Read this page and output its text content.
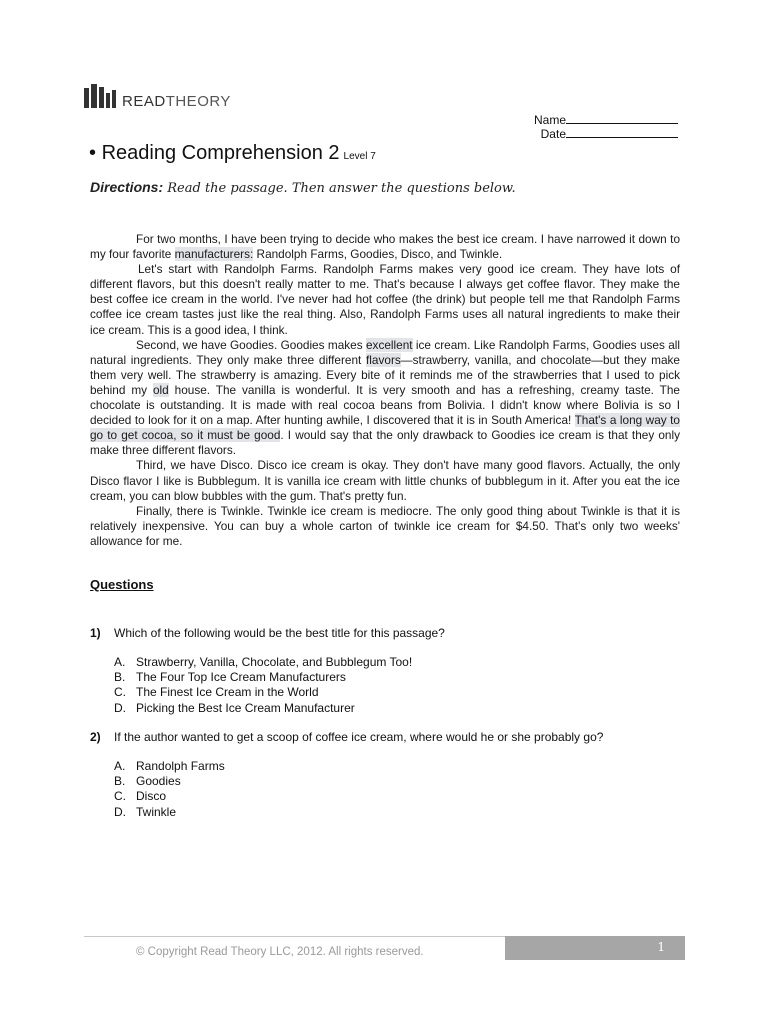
READTHEORY
Name
Date
• Reading Comprehension 2 Level 7
Directions: Read the passage. Then answer the questions below.

For two months, I have been trying to decide who makes the best ice cream. I have narrowed it down to my four favorite manufacturers: Randolph Farms, Goodies, Disco, and Twinkle.

Let's start with Randolph Farms. Randolph Farms makes very good ice cream. They have lots of different flavors, but this doesn't really matter to me. That's because I always get coffee flavor. They make the best coffee ice cream in the world. I've never had hot coffee (the drink) but people tell me that Randolph Farms coffee ice cream tastes just like the real thing. Also, Randolph Farms uses all natural ingredients to make their ice cream. This is a good idea, I think.

Second, we have Goodies. Goodies makes excellent ice cream. Like Randolph Farms, Goodies uses all natural ingredients. They only make three different flavors—strawberry, vanilla, and chocolate—but they make them very well. The strawberry is amazing. Every bite of it reminds me of the strawberries that I used to pick behind my old house. The vanilla is wonderful. It is very smooth and has a refreshing, creamy taste. The chocolate is outstanding. It is made with real cocoa beans from Bolivia. I didn't know where Bolivia is so I decided to look for it on a map. After hunting awhile, I discovered that it is in South America! That's a long way to go to get cocoa, so it must be good. I would say that the only drawback to Goodies ice cream is that they only make three different flavors.

Third, we have Disco. Disco ice cream is okay. They don't have many good flavors. Actually, the only Disco flavor I like is Bubblegum. It is vanilla ice cream with little chunks of bubblegum in it. After you eat the ice cream, you can blow bubbles with the gum. That's pretty fun.

Finally, there is Twinkle. Twinkle ice cream is mediocre. The only good thing about Twinkle is that it is relatively inexpensive. You can buy a whole carton of twinkle ice cream for $4.50. That's only two weeks' allowance for me.

Questions
1) Which of the following would be the best title for this passage?
A. Strawberry, Vanilla, Chocolate, and Bubblegum Too!
B. The Four Top Ice Cream Manufacturers
C. The Finest Ice Cream in the World
D. Picking the Best Ice Cream Manufacturer
2) If the author wanted to get a scoop of coffee ice cream, where would he or she probably go?
A. Randolph Farms
B. Goodies
C. Disco
D. Twinkle
© Copyright Read Theory LLC, 2012. All rights reserved.	1
